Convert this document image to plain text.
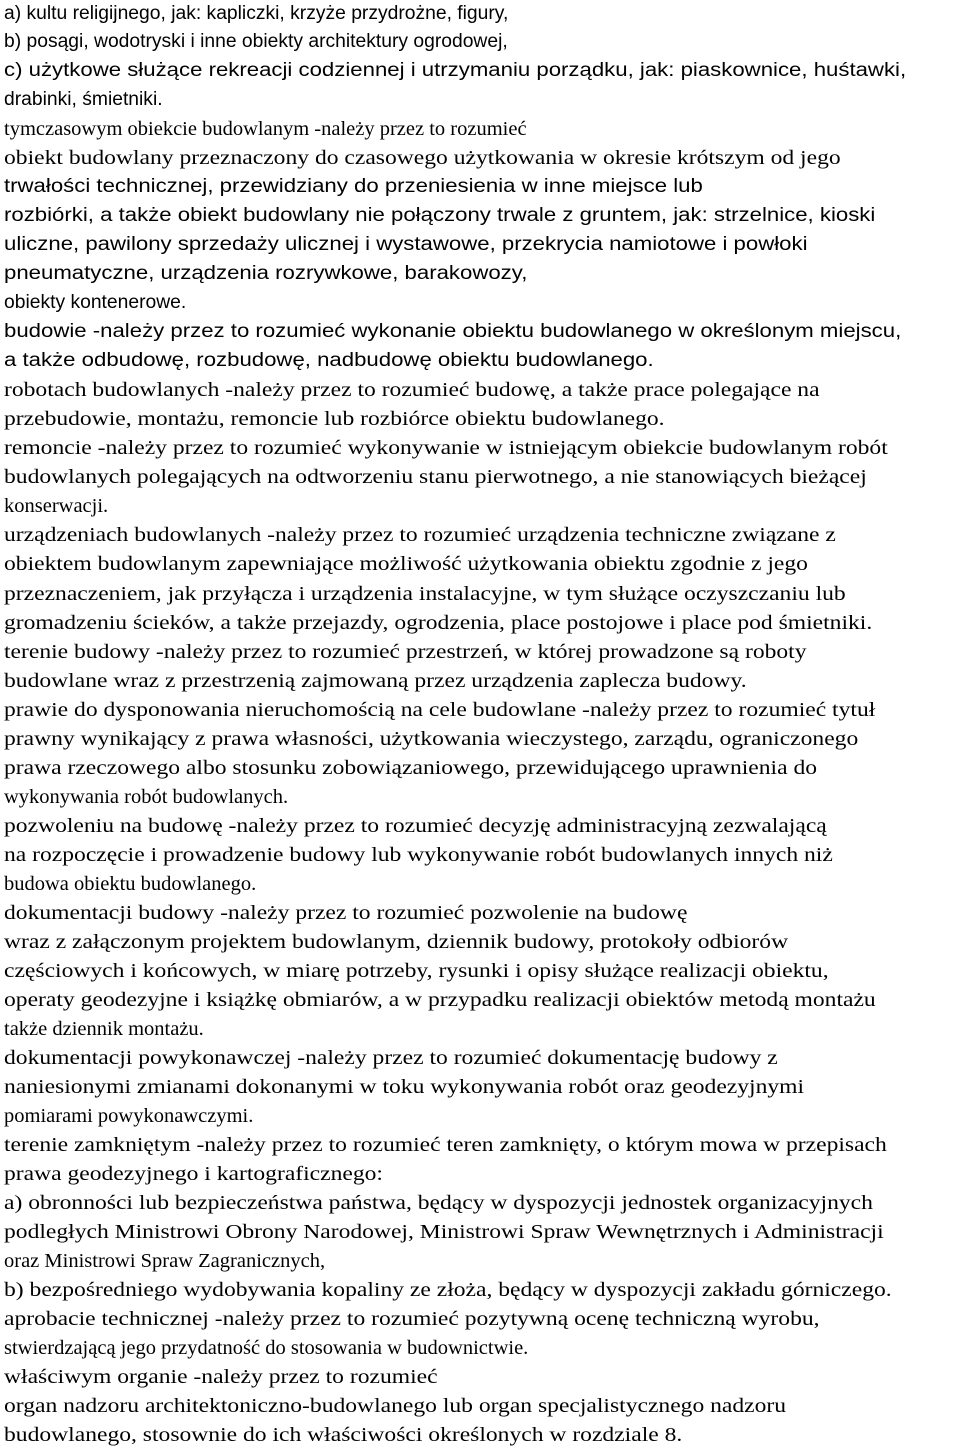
a) kultu religijnego, jak: kapliczki, krzyże przydrożne, figury,
b) posągi, wodotryski i inne obiekty architektury ogrodowej,
c) użytkowe służące rekreacji codziennej i utrzymaniu porządku, jak: piaskownice, huśtawki,
drabinki, śmietniki.
tymczasowym obiekcie budowlanym -należy przez to rozumieć
obiekt budowlany przeznaczony do czasowego użytkowania w okresie krótszym od jego
trwałości technicznej, przewidziany do przeniesienia w inne miejsce lub
rozbiórki, a także obiekt budowlany nie połączony trwale z gruntem, jak: strzelnice, kioski
uliczne, pawilony sprzedaży ulicznej i wystawowe, przekrycia namiotowe i powłoki
pneumatyczne, urządzenia rozrywkowe, barakowozy,
obiekty kontenerowe.
budowie -należy przez to rozumieć wykonanie obiektu budowlanego w określonym miejscu,
a także odbudowę, rozbudowę, nadbudowę obiektu budowlanego.
robotach budowlanych -należy przez to rozumieć budowę, a także prace polegające na
przebudowie, montażu, remoncie lub rozbiórce obiektu budowlanego.
remoncie -należy przez to rozumieć wykonywanie w istniejącym obiekcie budowlanym robót
budowlanych polegających na odtworzeniu stanu pierwotnego, a nie stanowiących bieżącej
konserwacji.
urządzeniach budowlanych -należy przez to rozumieć urządzenia techniczne związane z
obiektem budowlanym zapewniające możliwość użytkowania obiektu zgodnie z jego
przeznaczeniem, jak przyłącza i urządzenia instalacyjne, w tym służące oczyszczaniu lub
gromadzeniu ścieków, a także przejazdy, ogrodzenia, place postojowe i place pod śmietniki.
terenie budowy -należy przez to rozumieć przestrzeń, w której prowadzone są roboty
budowlane wraz z przestrzenią zajmowaną przez urządzenia zaplecza budowy.
prawie do dysponowania nieruchomością na cele budowlane -należy przez to rozumieć tytuł
prawny wynikający z prawa własności, użytkowania wieczystego, zarządu, ograniczonego
prawa rzeczowego albo stosunku zobowiązaniowego, przewidującego uprawnienia do
wykonywania robót budowlanych.
pozwoleniu na budowę -należy przez to rozumieć decyzję administracyjną zezwalającą
na rozpoczęcie i prowadzenie budowy lub wykonywanie robót budowlanych innych niż
budowa obiektu budowlanego.
dokumentacji budowy -należy przez to rozumieć pozwolenie na budowę
wraz z załączonym projektem budowlanym, dziennik budowy, protokoły odbiorów
częściowych i końcowych, w miarę potrzeby, rysunki i opisy służące realizacji obiektu,
operaty geodezyjne i książkę obmiarów, a w przypadku realizacji obiektów metodą montażu
także dziennik montażu.
dokumentacji powykonawczej -należy przez to rozumieć dokumentację budowy z
naniesionymi zmianami dokonanymi w toku wykonywania robót oraz geodezyjnymi
pomiarami powykonawczymi.
terenie zamkniętym -należy przez to rozumieć teren zamknięty, o którym mowa w przepisach
prawa geodezyjnego i kartograficznego:
a) obronności lub bezpieczeństwa państwa, będący w dyspozycji jednostek organizacyjnych
podległych Ministrowi Obrony Narodowej, Ministrowi Spraw Wewnętrznych i Administracji
oraz Ministrowi Spraw Zagranicznych,
b) bezpośredniego wydobywania kopaliny ze złoża, będący w dyspozycji zakładu górniczego.
aprobacie technicznej -należy przez to rozumieć pozytywną ocenę techniczną wyrobu,
stwierdzającą jego przydatność do stosowania w budownictwie.
właściwym organie -należy przez to rozumieć
organ nadzoru architektoniczno-budowlanego lub organ specjalistycznego nadzoru
budowlanego, stosownie do ich właściwości określonych w rozdziale 8.
